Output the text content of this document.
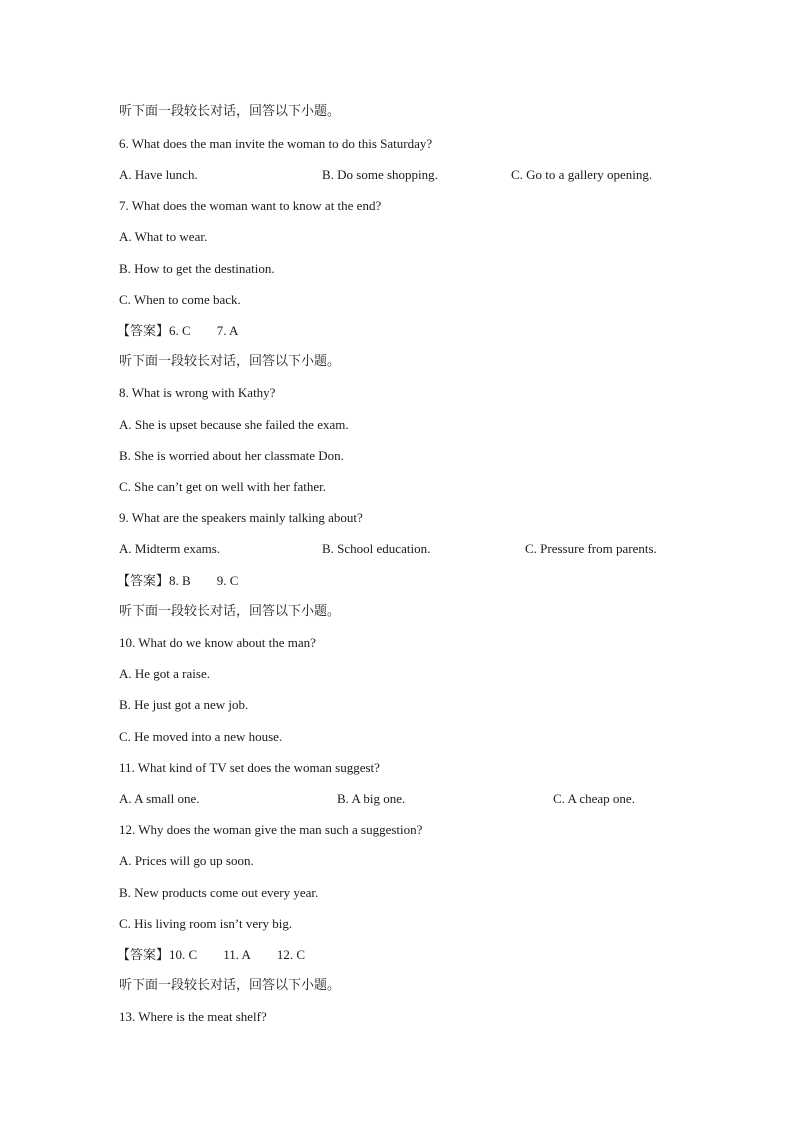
听下面一段较长对话，回答以下小题。
6. What does the man invite the woman to do this Saturday?
A. Have lunch.	B. Do some shopping.	C. Go to a gallery opening.
7. What does the woman want to know at the end?
A. What to wear.
B. How to get the destination.
C. When to come back.
【答案】6. C 7. A
听下面一段较长对话，回答以下小题。
8. What is wrong with Kathy?
A. She is upset because she failed the exam.
B. She is worried about her classmate Don.
C. She can’t get on well with her father.
9. What are the speakers mainly talking about?
A. Midterm exams.	B. School education.	C. Pressure from parents.
【答案】8. B 9. C
听下面一段较长对话，回答以下小题。
10. What do we know about the man?
A. He got a raise.
B. He just got a new job.
C. He moved into a new house.
11. What kind of TV set does the woman suggest?
A. A small one.	B. A big one.	C. A cheap one.
12. Why does the woman give the man such a suggestion?
A. Prices will go up soon.
B. New products come out every year.
C. His living room isn’t very big.
【答案】10. C 11. A 12. C
听下面一段较长对话，回答以下小题。
13. Where is the meat shelf?
